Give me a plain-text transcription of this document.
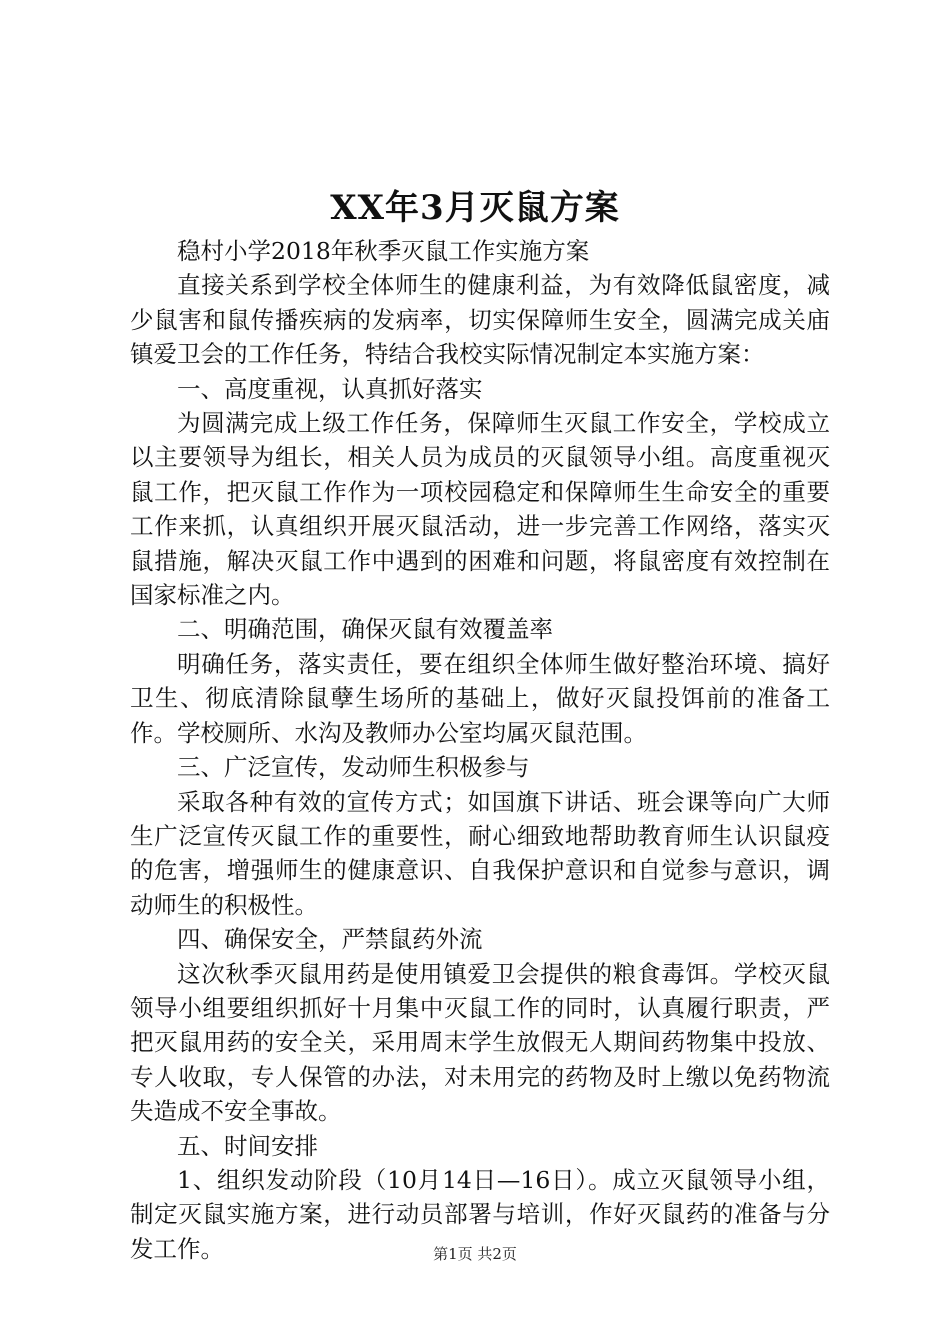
XX年3月灭鼠方案

稳村小学2018年秋季灭鼠工作实施方案

直接关系到学校全体师生的健康利益，为有效降低鼠密度，减少鼠害和鼠传播疾病的发病率，切实保障师生安全，圆满完成关庙镇爱卫会的工作任务，特结合我校实际情况制定本实施方案：

一、高度重视，认真抓好落实

为圆满完成上级工作任务，保障师生灭鼠工作安全，学校成立以主要领导为组长，相关人员为成员的灭鼠领导小组。高度重视灭鼠工作，把灭鼠工作作为一项校园稳定和保障师生生命安全的重要工作来抓，认真组织开展灭鼠活动，进一步完善工作网络，落实灭鼠措施，解决灭鼠工作中遇到的困难和问题，将鼠密度有效控制在国家标准之内。

二、明确范围，确保灭鼠有效覆盖率

明确任务，落实责任，要在组织全体师生做好整治环境、搞好卫生、彻底清除鼠孽生场所的基础上，做好灭鼠投饵前的准备工作。学校厕所、水沟及教师办公室均属灭鼠范围。

三、广泛宣传，发动师生积极参与

采取各种有效的宣传方式；如国旗下讲话、班会课等向广大师生广泛宣传灭鼠工作的重要性，耐心细致地帮助教育师生认识鼠疫的危害，增强师生的健康意识、自我保护意识和自觉参与意识，调动师生的积极性。

四、确保安全，严禁鼠药外流

这次秋季灭鼠用药是使用镇爱卫会提供的粮食毒饵。学校灭鼠领导小组要组织抓好十月集中灭鼠工作的同时，认真履行职责，严把灭鼠用药的安全关，采用周末学生放假无人期间药物集中投放、专人收取，专人保管的办法，对未用完的药物及时上缴以免药物流失造成不安全事故。

五、时间安排

1、组织发动阶段（10月14日—16日）。成立灭鼠领导小组，制定灭鼠实施方案，进行动员部署与培训，作好灭鼠药的准备与分发工作。	第1页 共2页
